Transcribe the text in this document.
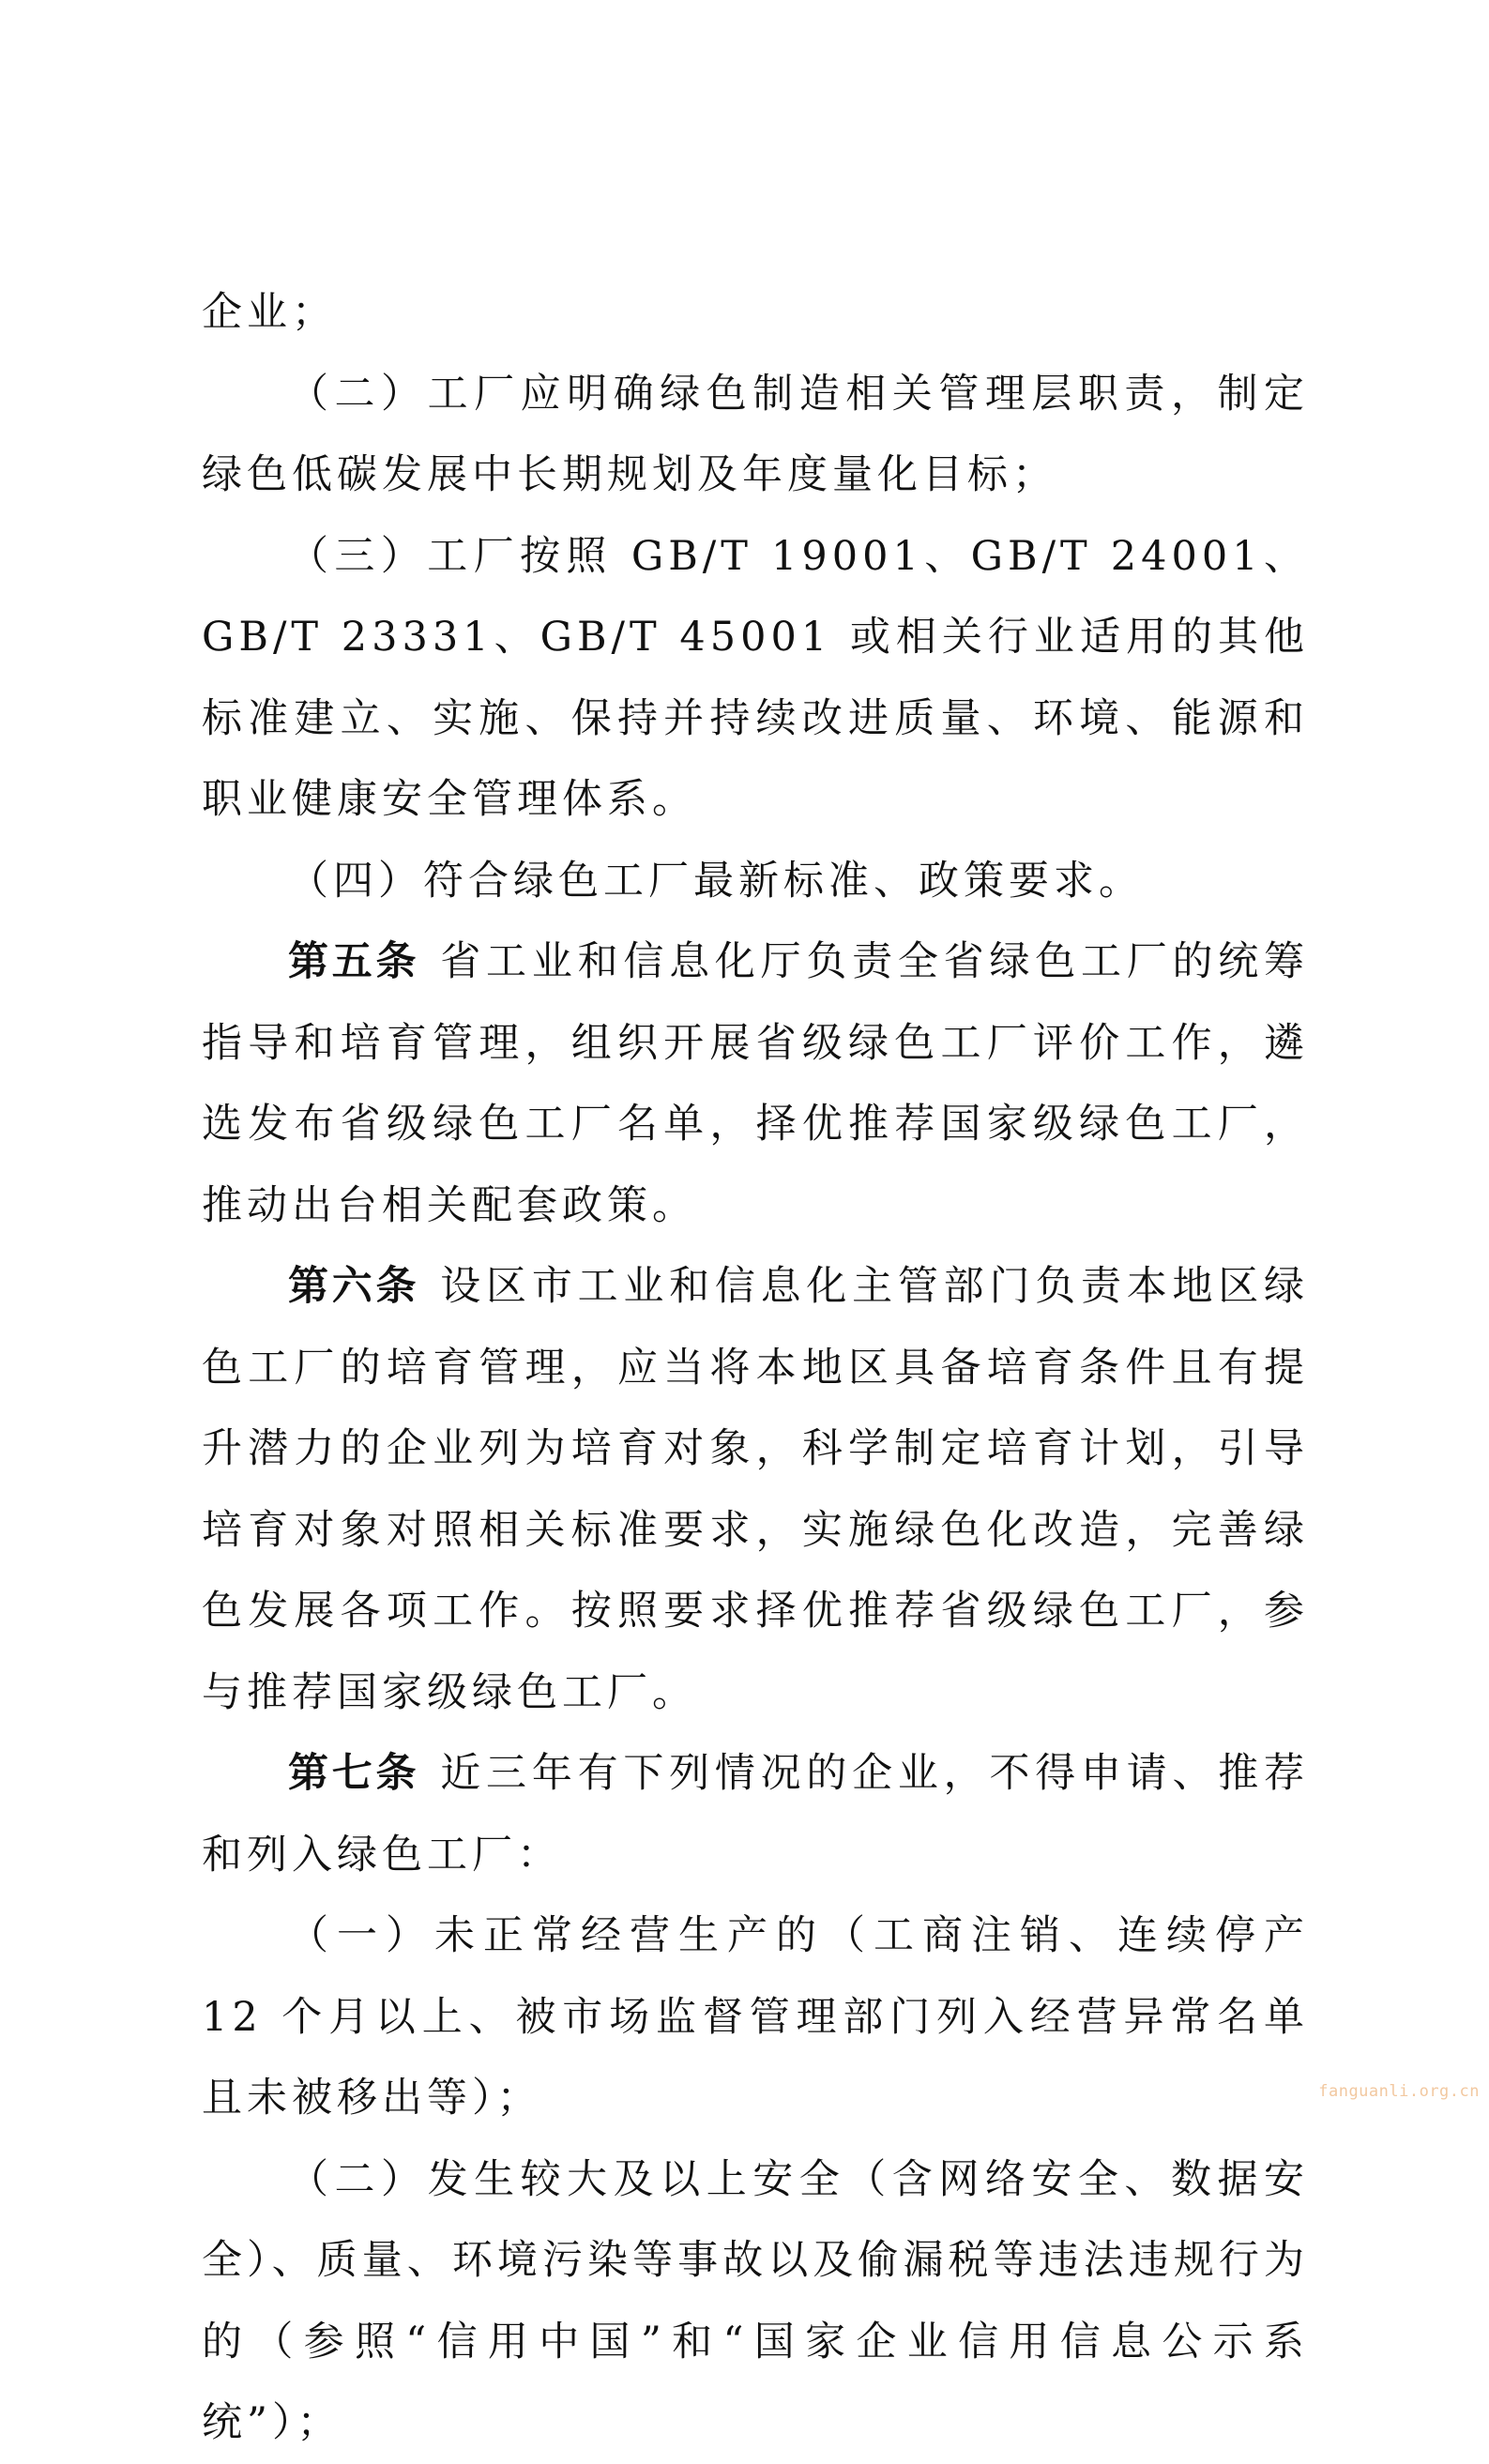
企业；

（二）工厂应明确绿色制造相关管理层职责，制定绿色低碳发展中长期规划及年度量化目标；

（三）工厂按照 GB/T 19001、GB/T 24001、GB/T 23331、GB/T 45001 或相关行业适用的其他标准建立、实施、保持并持续改进质量、环境、能源和职业健康安全管理体系。

（四）符合绿色工厂最新标准、政策要求。

第五条 省工业和信息化厅负责全省绿色工厂的统筹指导和培育管理，组织开展省级绿色工厂评价工作，遴选发布省级绿色工厂名单，择优推荐国家级绿色工厂，推动出台相关配套政策。

第六条 设区市工业和信息化主管部门负责本地区绿色工厂的培育管理，应当将本地区具备培育条件且有提升潜力的企业列为培育对象，科学制定培育计划，引导培育对象对照相关标准要求，实施绿色化改造，完善绿色发展各项工作。按照要求择优推荐省级绿色工厂，参与推荐国家级绿色工厂。

第七条 近三年有下列情况的企业，不得申请、推荐和列入绿色工厂：

（一）未正常经营生产的（工商注销、连续停产 12 个月以上、被市场监督管理部门列入经营异常名单且未被移出等）；

（二）发生较大及以上安全（含网络安全、数据安全）、质量、环境污染等事故以及偷漏税等违法违规行为的（参照“信用中国”和“国家企业信用信息公示系统”）；

fanguanli.org.cn
